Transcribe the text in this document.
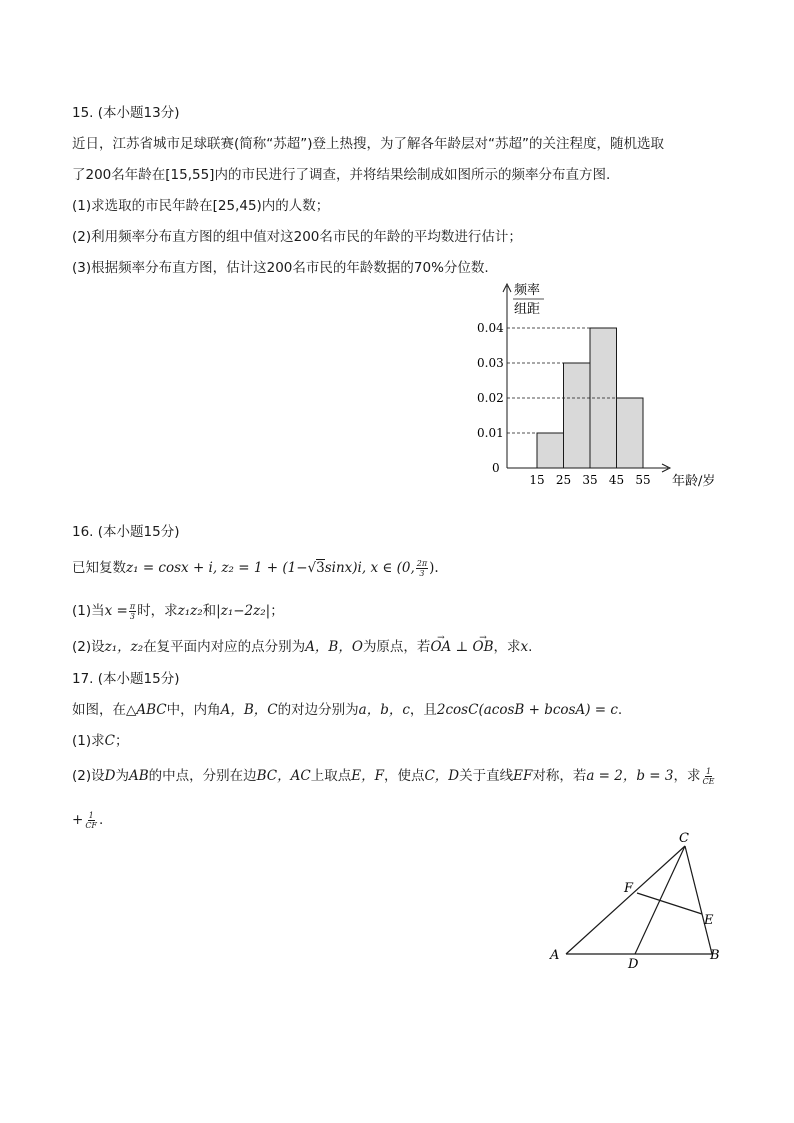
15. (本小题13分)
近日，江苏省城市足球联赛(简称“苏超”)登上热搜，为了解各年龄层对“苏超”的关注程度，随机选取
了200名年龄在[15,55]内的市民进行了调查，并将结果绘制成如图所示的频率分布直方图.
(1)求选取的市民年龄在[25,45)内的人数；
(2)利用频率分布直方图的组中值对这200名市民的年龄的平均数进行估计；
(3)根据频率分布直方图，估计这200名市民的年龄数据的70%分位数.
0.04
0.03
0.02
0.01
0
15 25 35 45 55
频率
组距
年龄/岁
16. (本小题15分)
已知复数z₁ = cosx + i, z₂ = 1 + (1−√3sinx)i, x ∈ (0, $\frac{2\pi}{3}$ ).
(1)当$x = \frac{\pi}{3}$ 时，求z₁z₂和|z₁−2z₂|；
(2)设z₁，z₂在复平面内对应的点分别为A，B，O为原点，若→ OA ⊥ → OB，求x.
17. (本小题15分)
如图，在△ABC中，内角A，B，C的对边分别为a，b，c，且2cosC(acosB + bcosA) = c.
(1)求C；
(2)设D为AB的中点，分别在边BC，AC上取点E，F，使点C，D关于直线EF对称，若a = 2，b = 3，求 $\frac{1}{CE}$
+ $\frac{1}{CF}$ .
A	B
C
D
E
F
